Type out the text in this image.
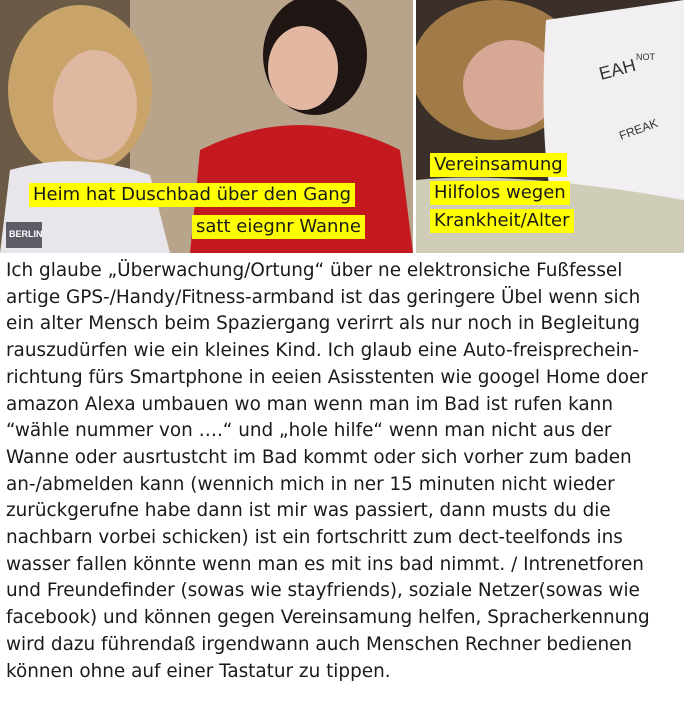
BERLIN
EAH
FREAK
NOT
Heim hat Duschbad über den Gang
satt eiegnr Wanne
Vereinsamung
Hilfolos wegen
Krankheit/Alter

Ich glaube „Überwachung/Ortung“ über ne elektronsiche Fußfessel

artige GPS-/Handy/Fitness-armband ist das geringere Übel wenn sich

ein alter Mensch beim Spaziergang verirrt als nur noch in Begleitung

rauszudürfen wie ein kleines Kind. Ich glaub eine Auto-freisprechein-

richtung fürs Smartphone in eeien Asisstenten wie googel Home doer

amazon Alexa umbauen wo man wenn man im Bad ist rufen kann

“wähle nummer von ….“ und „hole hilfe“ wenn man nicht aus der

Wanne oder ausrtustcht im Bad kommt oder sich vorher zum baden

an-/abmelden kann (wennich mich in ner 15 minuten nicht wieder

zurückgerufne habe dann ist mir was passiert, dann musts du die

nachbarn vorbei schicken) ist ein fortschritt zum dect-teelfonds ins

wasser fallen könnte wenn man es mit ins bad nimmt. / Intrenetforen

und Freundefinder (sowas wie stayfriends), soziale Netzer(sowas wie

facebook) und können gegen Vereinsamung helfen, Spracherkennung

wird dazu führendaß irgendwann auch Menschen Rechner bedienen

können ohne auf einer Tastatur zu tippen.
